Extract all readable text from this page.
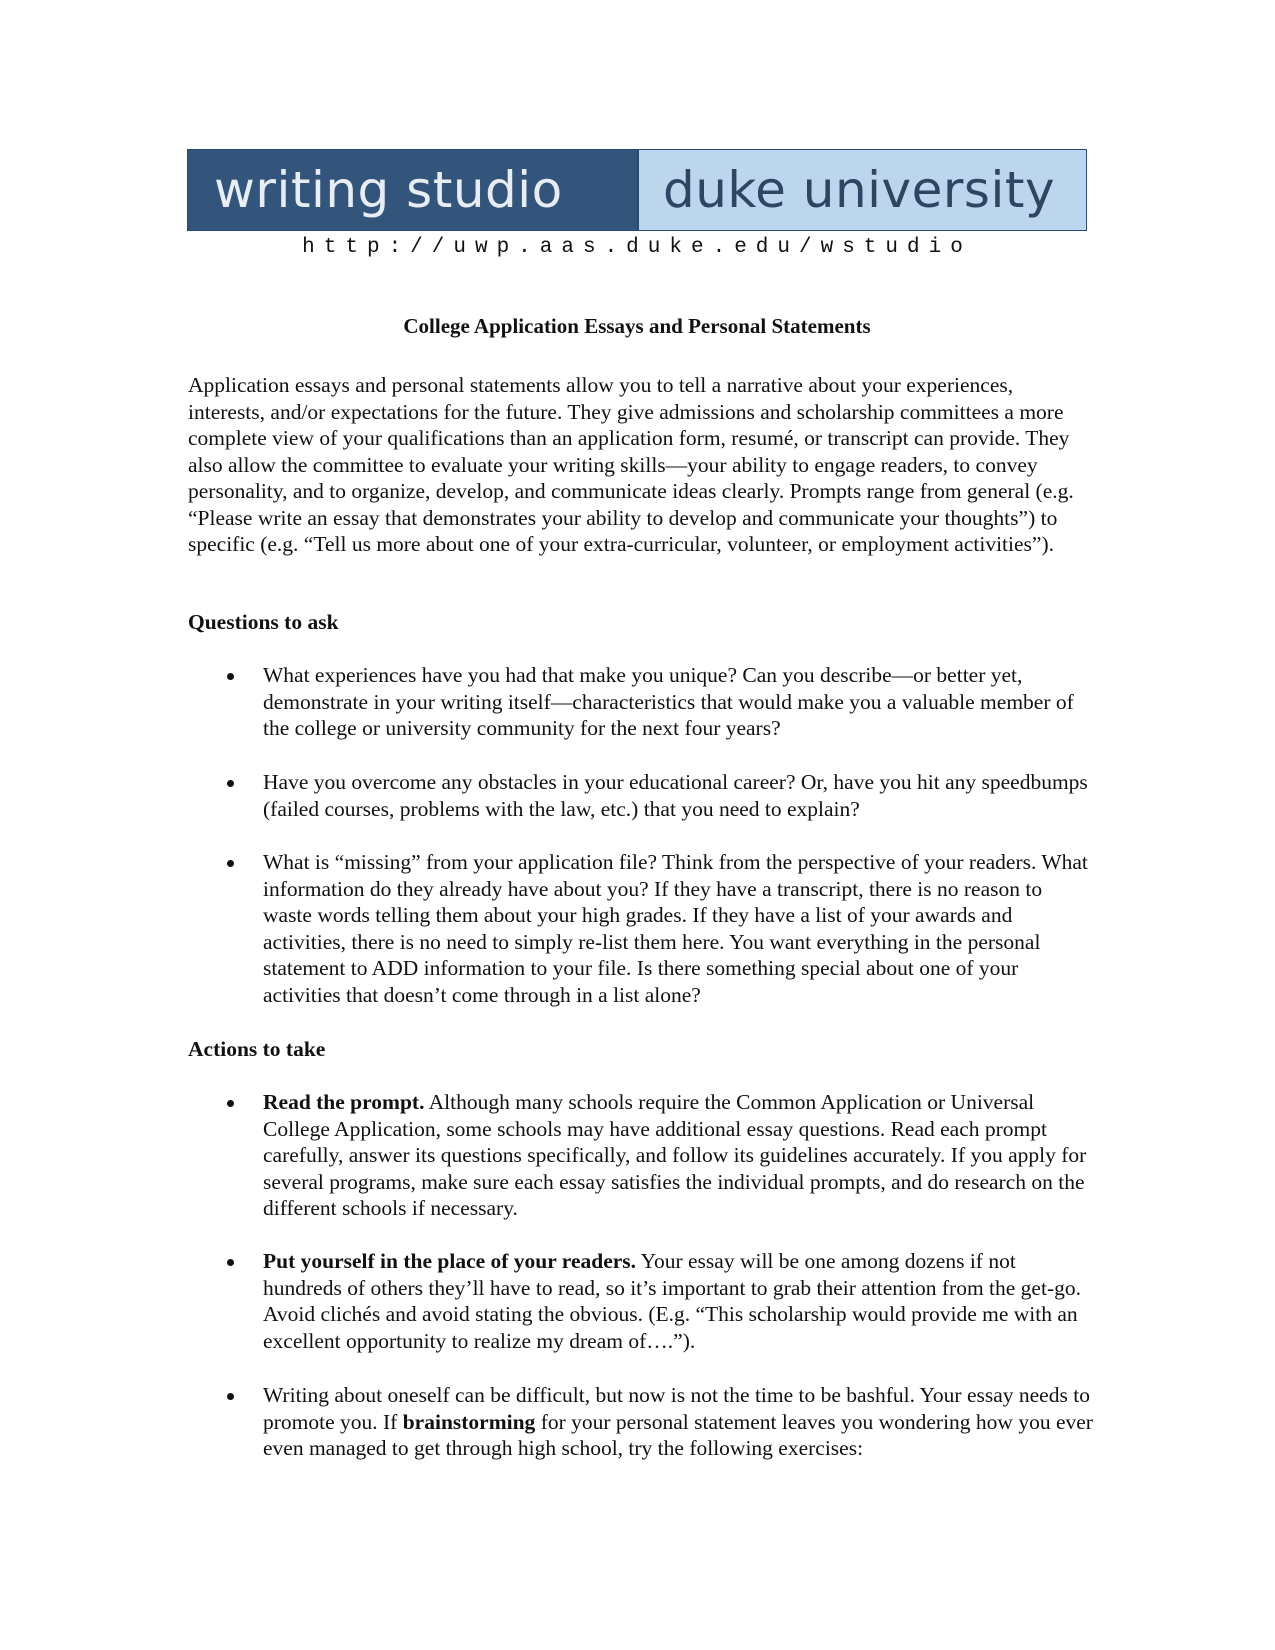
writing studio	duke university
http://uwp.aas.duke.edu/wstudio
College Application Essays and Personal Statements

Application essays and personal statements allow you to tell a narrative about your experiences, interests, and/or expectations for the future. They give admissions and scholarship committees a more complete view of your qualifications than an application form, resumé, or transcript can provide. They also allow the committee to evaluate your writing skills—your ability to engage readers, to convey personality, and to organize, develop, and communicate ideas clearly. Prompts range from general (e.g. “Please write an essay that demonstrates your ability to develop and communicate your thoughts”) to specific (e.g. “Tell us more about one of your extra-curricular, volunteer, or employment activities”).

Questions to ask
What experiences have you had that make you unique? Can you describe—or better yet, demonstrate in your writing itself—characteristics that would make you a valuable member of the college or university community for the next four years?
Have you overcome any obstacles in your educational career? Or, have you hit any speedbumps (failed courses, problems with the law, etc.) that you need to explain?
What is “missing” from your application file? Think from the perspective of your readers. What information do they already have about you? If they have a transcript, there is no reason to waste words telling them about your high grades. If they have a list of your awards and activities, there is no need to simply re-list them here. You want everything in the personal statement to ADD information to your file. Is there something special about one of your activities that doesn’t come through in a list alone?
Actions to take
Read the prompt. Although many schools require the Common Application or Universal College Application, some schools may have additional essay questions. Read each prompt carefully, answer its questions specifically, and follow its guidelines accurately. If you apply for several programs, make sure each essay satisfies the individual prompts, and do research on the different schools if necessary.
Put yourself in the place of your readers. Your essay will be one among dozens if not hundreds of others they’ll have to read, so it’s important to grab their attention from the get-go. Avoid clichés and avoid stating the obvious. (E.g. “This scholarship would provide me with an excellent opportunity to realize my dream of….”).
Writing about oneself can be difficult, but now is not the time to be bashful. Your essay needs to promote you. If brainstorming for your personal statement leaves you wondering how you ever even managed to get through high school, try the following exercises:
